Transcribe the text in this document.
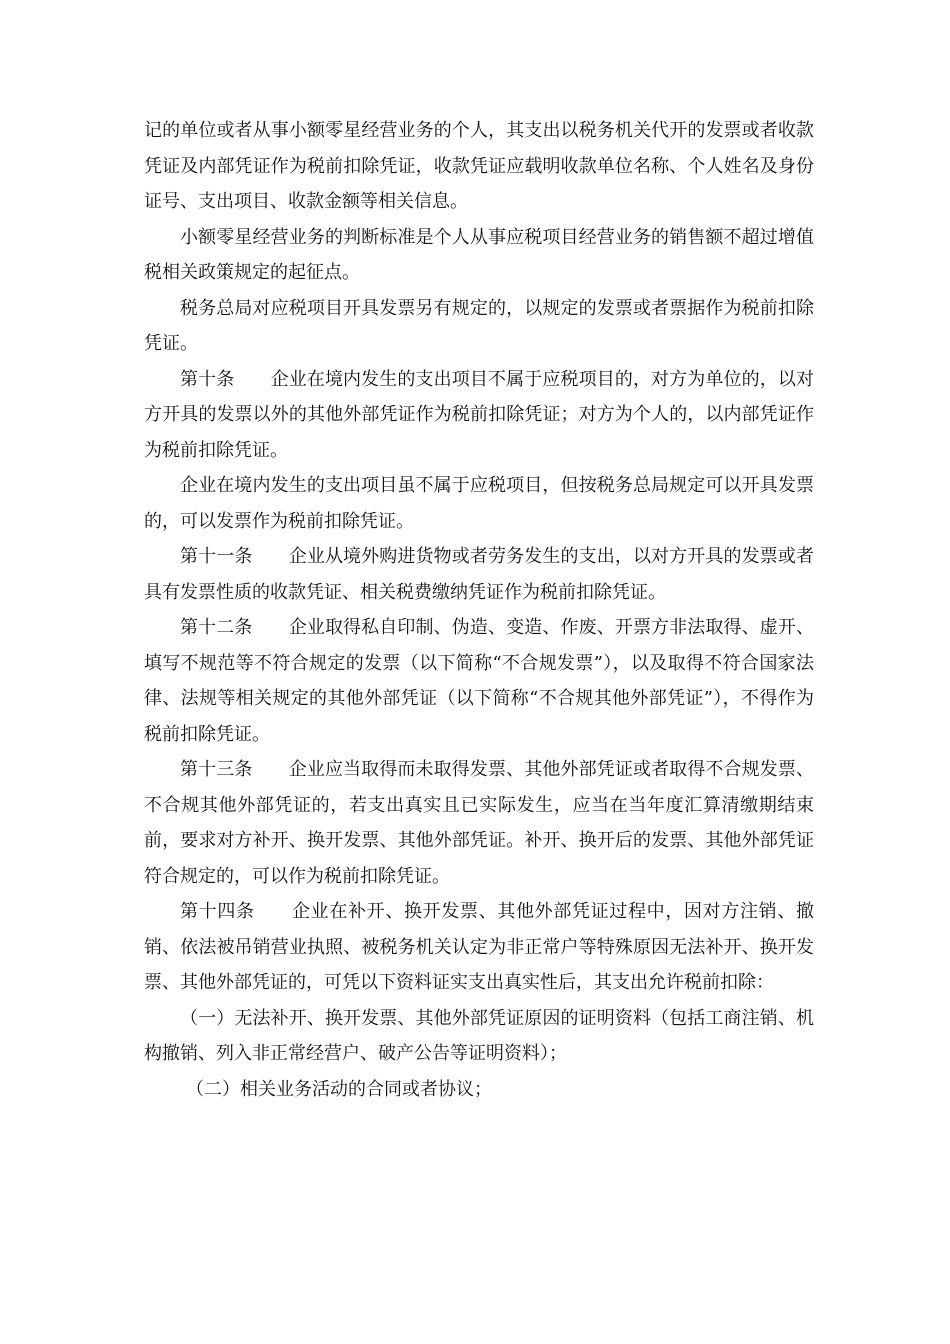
记的单位或者从事小额零星经营业务的个人，其支出以税务机关代开的发票或者收款凭证及内部凭证作为税前扣除凭证，收款凭证应载明收款单位名称、个人姓名及身份证号、支出项目、收款金额等相关信息。

小额零星经营业务的判断标准是个人从事应税项目经营业务的销售额不超过增值税相关政策规定的起征点。

税务总局对应税项目开具发票另有规定的，以规定的发票或者票据作为税前扣除凭证。

第十条　　企业在境内发生的支出项目不属于应税项目的，对方为单位的，以对方开具的发票以外的其他外部凭证作为税前扣除凭证；对方为个人的，以内部凭证作为税前扣除凭证。

企业在境内发生的支出项目虽不属于应税项目，但按税务总局规定可以开具发票的，可以发票作为税前扣除凭证。

第十一条　　企业从境外购进货物或者劳务发生的支出，以对方开具的发票或者具有发票性质的收款凭证、相关税费缴纳凭证作为税前扣除凭证。

第十二条　　企业取得私自印制、伪造、变造、作废、开票方非法取得、虚开、填写不规范等不符合规定的发票（以下简称“不合规发票”），以及取得不符合国家法律、法规等相关规定的其他外部凭证（以下简称“不合规其他外部凭证”），不得作为税前扣除凭证。

第十三条　　企业应当取得而未取得发票、其他外部凭证或者取得不合规发票、不合规其他外部凭证的，若支出真实且已实际发生，应当在当年度汇算清缴期结束前，要求对方补开、换开发票、其他外部凭证。补开、换开后的发票、其他外部凭证符合规定的，可以作为税前扣除凭证。

第十四条　　企业在补开、换开发票、其他外部凭证过程中，因对方注销、撤销、依法被吊销营业执照、被税务机关认定为非正常户等特殊原因无法补开、换开发票、其他外部凭证的，可凭以下资料证实支出真实性后，其支出允许税前扣除：

（一）无法补开、换开发票、其他外部凭证原因的证明资料（包括工商注销、机构撤销、列入非正常经营户、破产公告等证明资料）；

（二）相关业务活动的合同或者协议；
